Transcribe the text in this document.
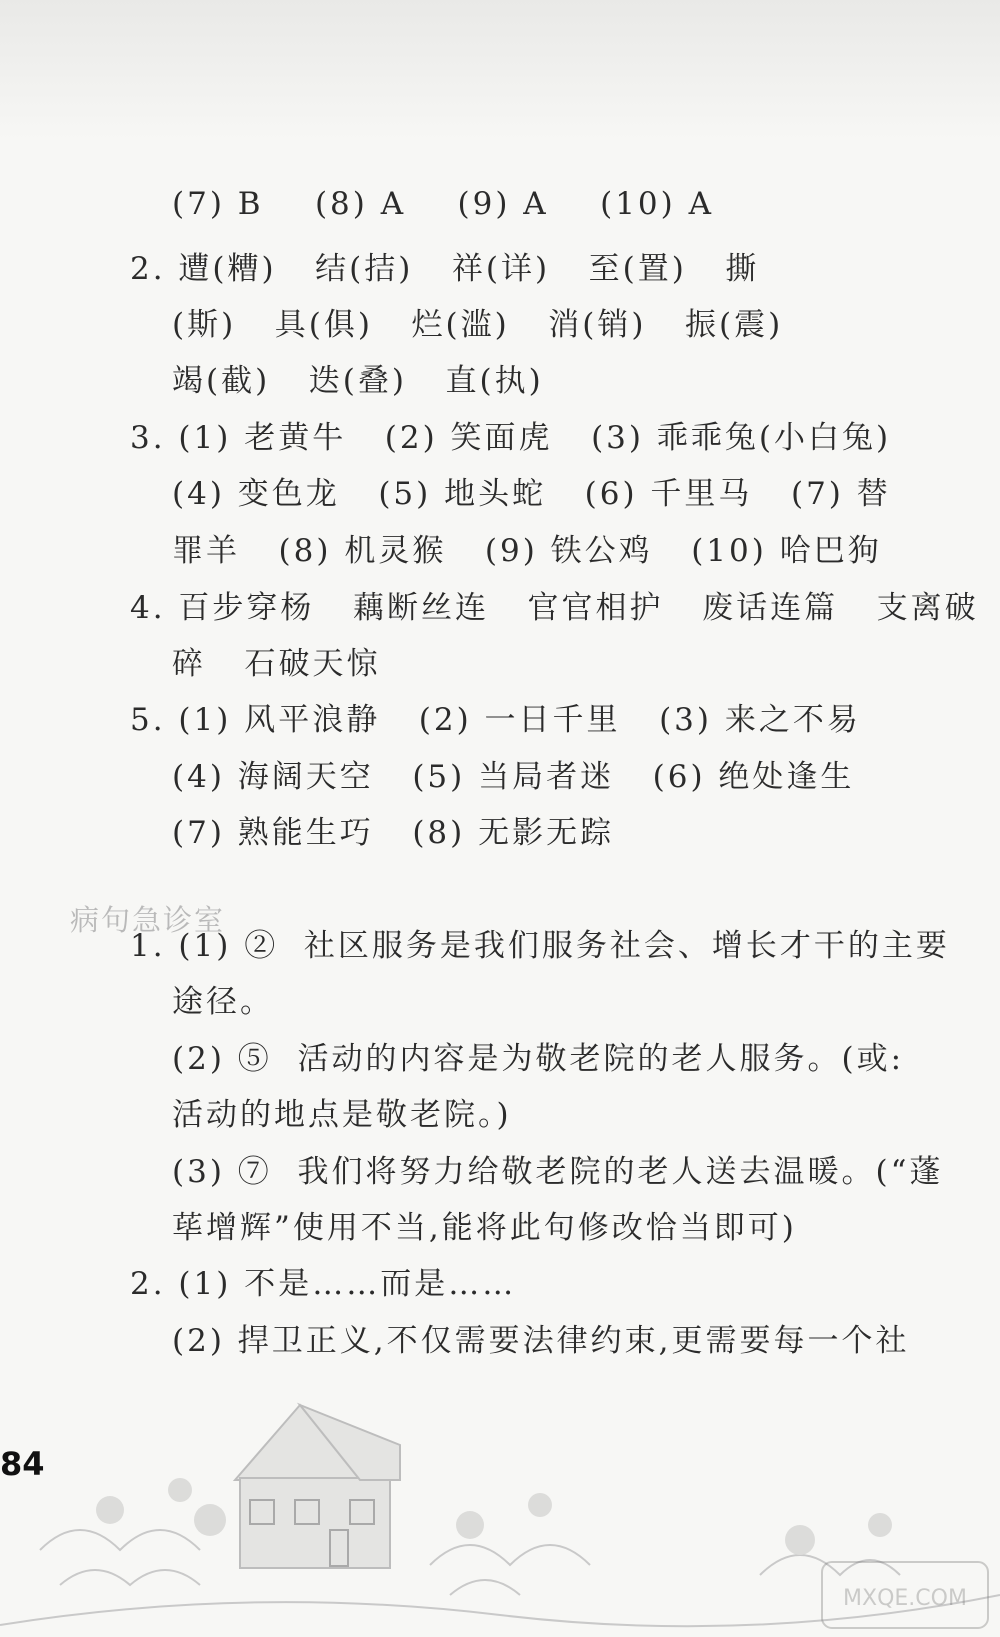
(7) B    (8) A    (9) A    (10) A
2. 遭(糟)   结(拮)   祥(详)   至(置)   撕
(斯)   具(俱)   烂(滥)   消(销)   振(震)
竭(截)   迭(叠)   直(执)
3. (1) 老黄牛   (2) 笑面虎   (3) 乖乖兔(小白兔)
(4) 变色龙   (5) 地头蛇   (6) 千里马   (7) 替
罪羊   (8) 机灵猴   (9) 铁公鸡   (10) 哈巴狗
4. 百步穿杨   藕断丝连   官官相护   废话连篇   支离破
碎   石破天惊
5. (1) 风平浪静   (2) 一日千里   (3) 来之不易
(4) 海阔天空   (5) 当局者迷   (6) 绝处逢生
(7) 熟能生巧   (8) 无影无踪
病句急诊室
1. (1) ②  社区服务是我们服务社会、增长才干的主要
途径。
(2) ⑤  活动的内容是为敬老院的老人服务。(或:
活动的地点是敬老院。)
(3) ⑦  我们将努力给敬老院的老人送去温暖。(“蓬
荜增辉”使用不当,能将此句修改恰当即可)
2. (1) 不是……而是……
(2) 捍卫正义,不仅需要法律约束,更需要每一个社
84
MXQE.COM
